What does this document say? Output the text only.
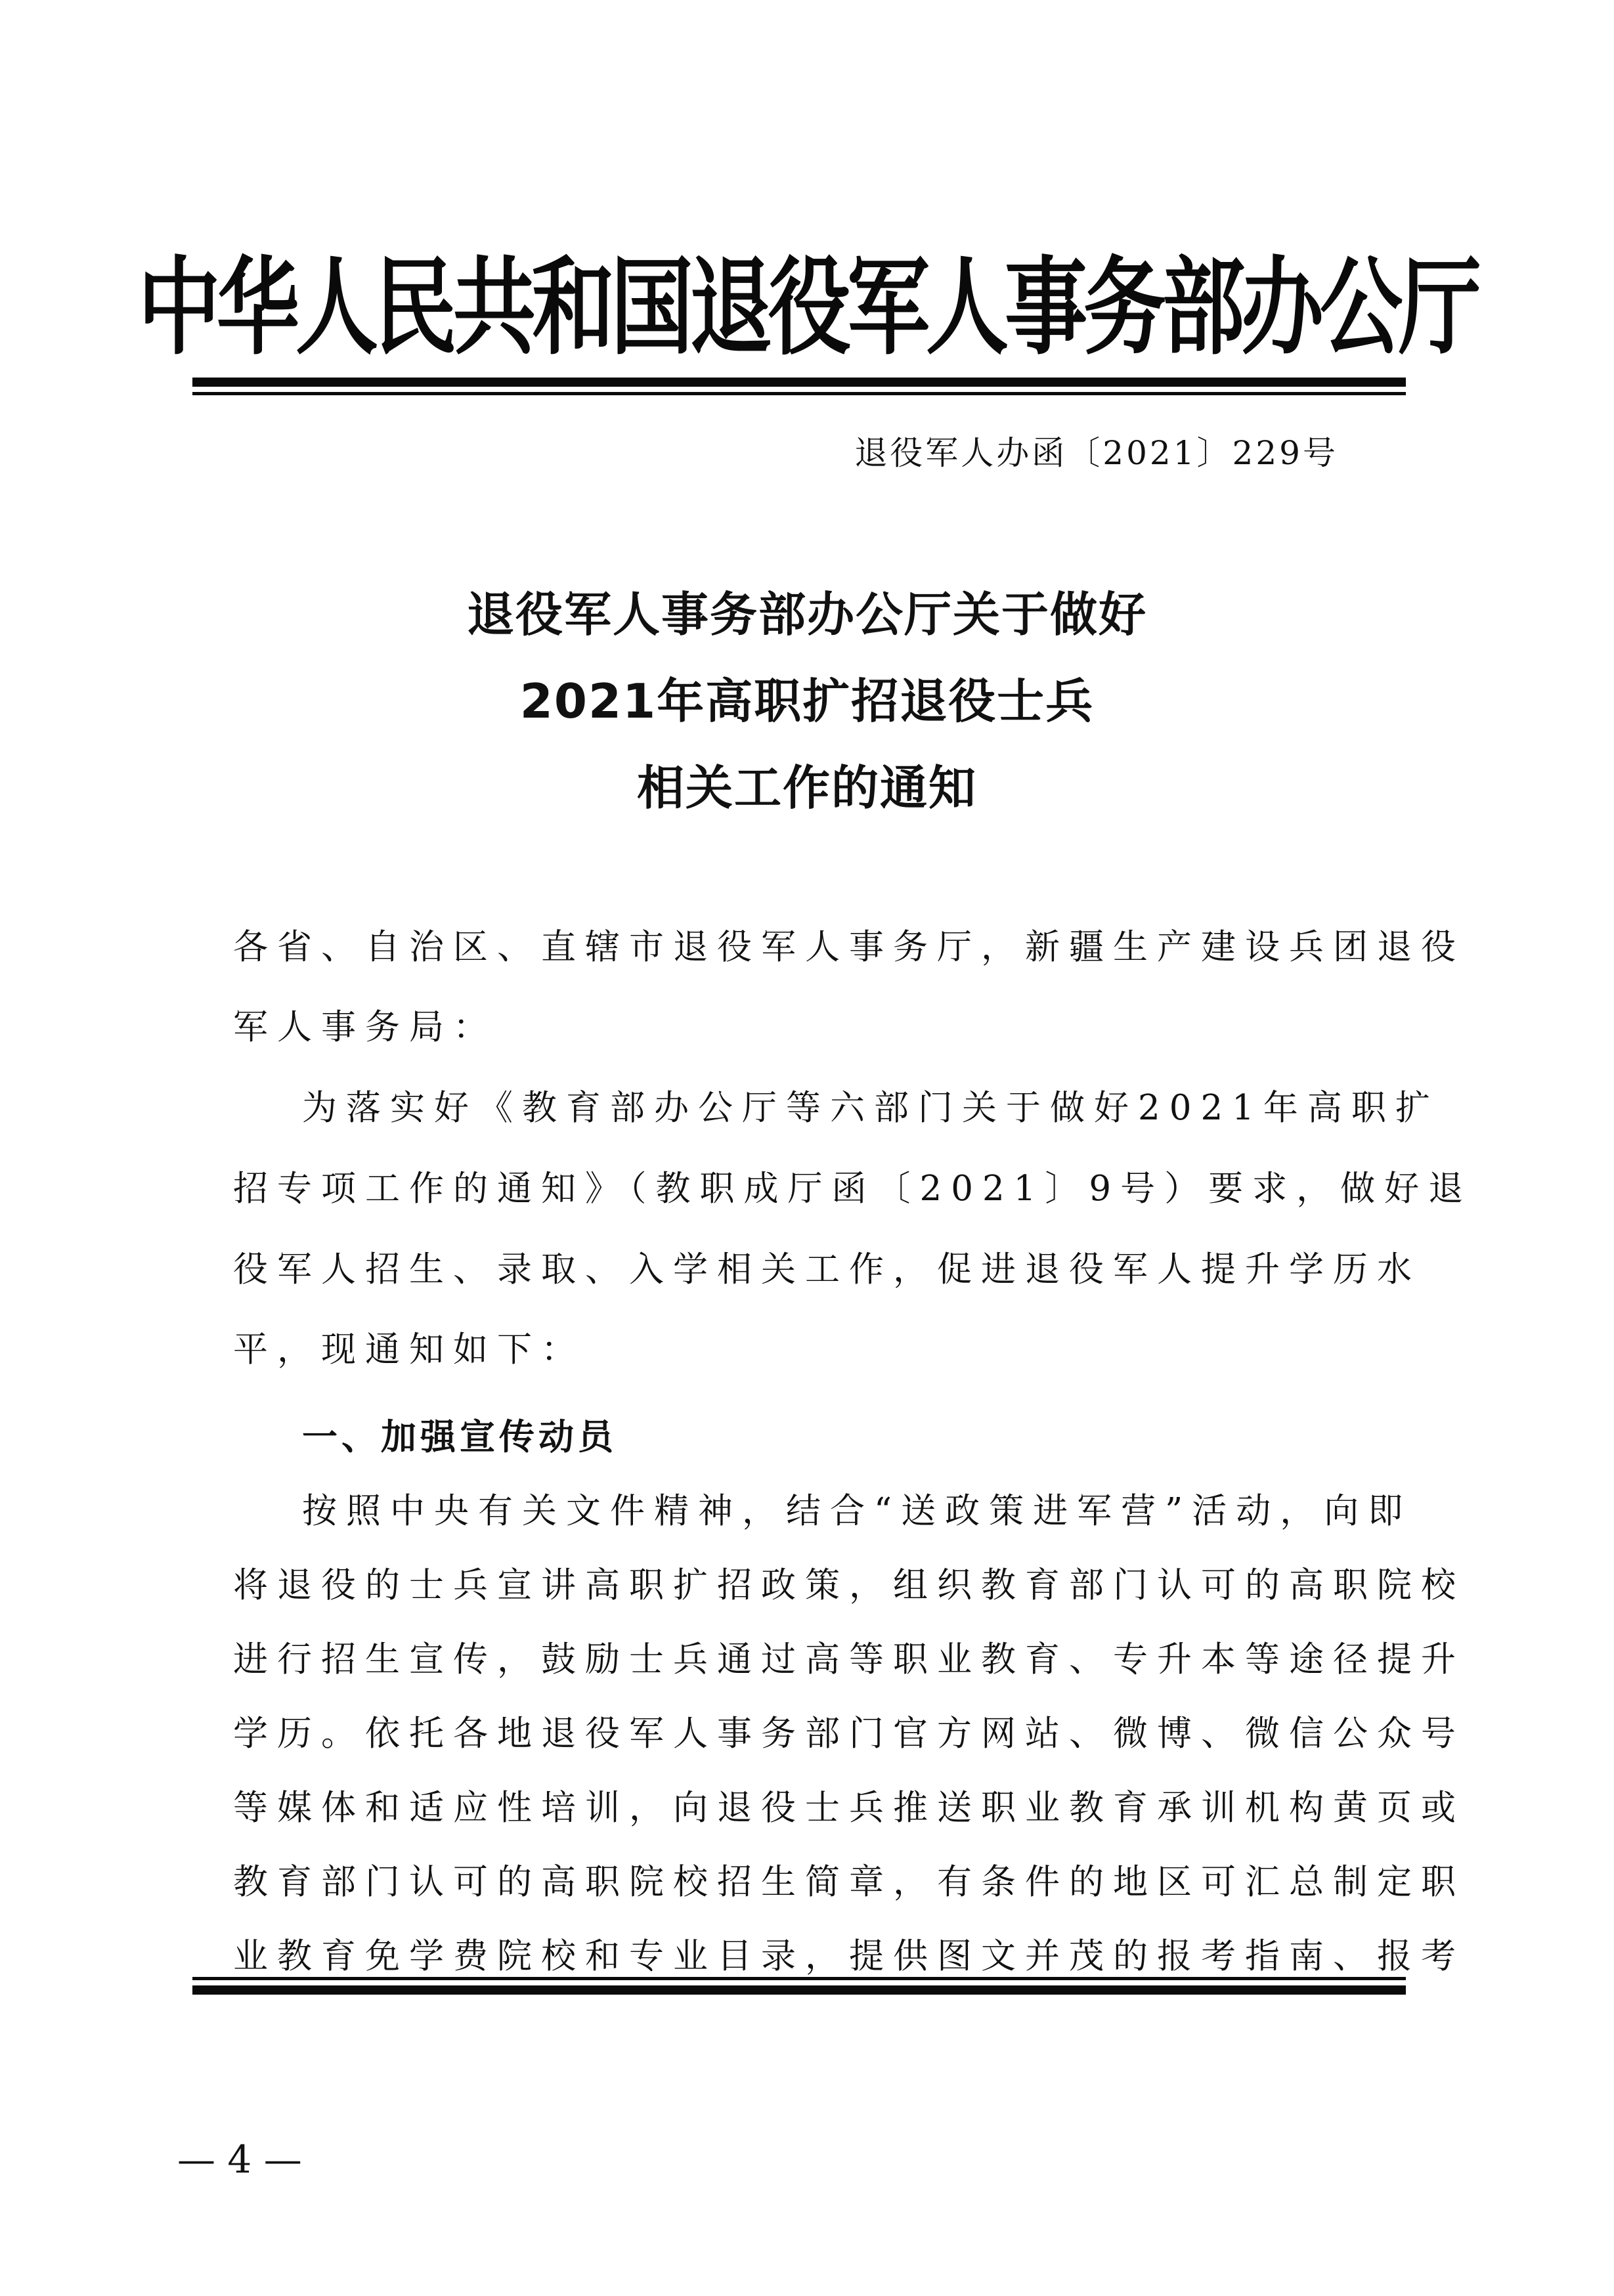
中华人民共和国退役军人事务部办公厅
退役军人办函〔2021〕229号
退役军人事务部办公厅关于做好
2021年高职扩招退役士兵
相关工作的通知
各省、自治区、直辖市退役军人事务厅，新疆生产建设兵团退役
军人事务局：
为落实好《教育部办公厅等六部门关于做好2021年高职扩
招专项工作的通知》（教职成厅函〔2021〕9号）要求，做好退
役军人招生、录取、入学相关工作，促进退役军人提升学历水
平，现通知如下：
一、加强宣传动员
按照中央有关文件精神，结合“送政策进军营”活动，向即
将退役的士兵宣讲高职扩招政策，组织教育部门认可的高职院校
进行招生宣传，鼓励士兵通过高等职业教育、专升本等途径提升
学历。依托各地退役军人事务部门官方网站、微博、微信公众号
等媒体和适应性培训，向退役士兵推送职业教育承训机构黄页或
教育部门认可的高职院校招生简章，有条件的地区可汇总制定职
— 4 —
业教育免学费院校和专业目录，提供图文并茂的报考指南、报考
